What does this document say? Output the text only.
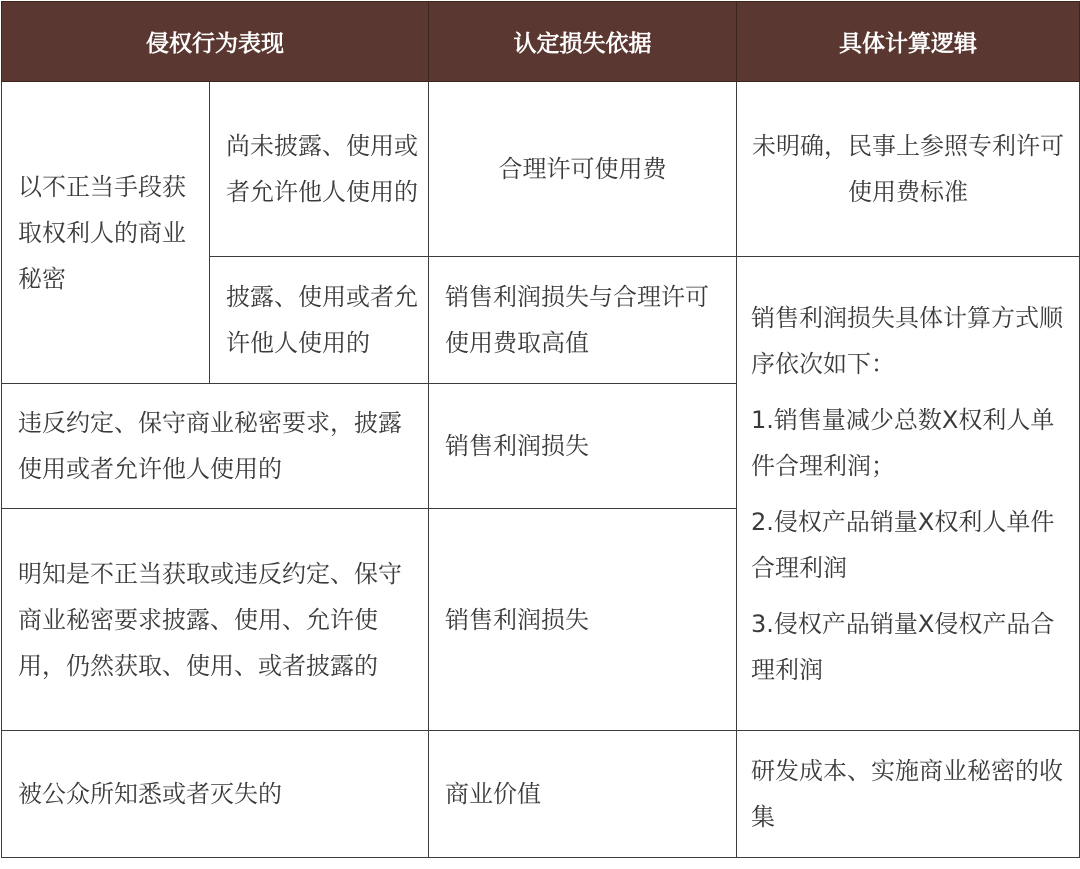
侵权行为表现		认定损失依据	具体计算逻辑
以不正当手段获取权利人的商业秘密	尚未披露、使用或者允许他人使用的	合理许可使用费	未明确，民事上参照专利许可使用费标准
	披露、使用或者允许他人使用的	销售利润损失与合理许可使用费取高值	销售利润损失具体计算方式顺序依次如下：

1.销售量减少总数X权利人单件合理利润；

2.侵权产品销量X权利人单件合理利润

3.侵权产品销量X侵权产品合理利润

违反约定、保守商业秘密要求，披露使用或者允许他人使用的		销售利润损失	
明知是不正当获取或违反约定、保守商业秘密要求披露、使用、允许使用，仍然获取、使用、或者披露的		销售利润损失	
被公众所知悉或者灭失的		商业价值	研发成本、实施商业秘密的收集
